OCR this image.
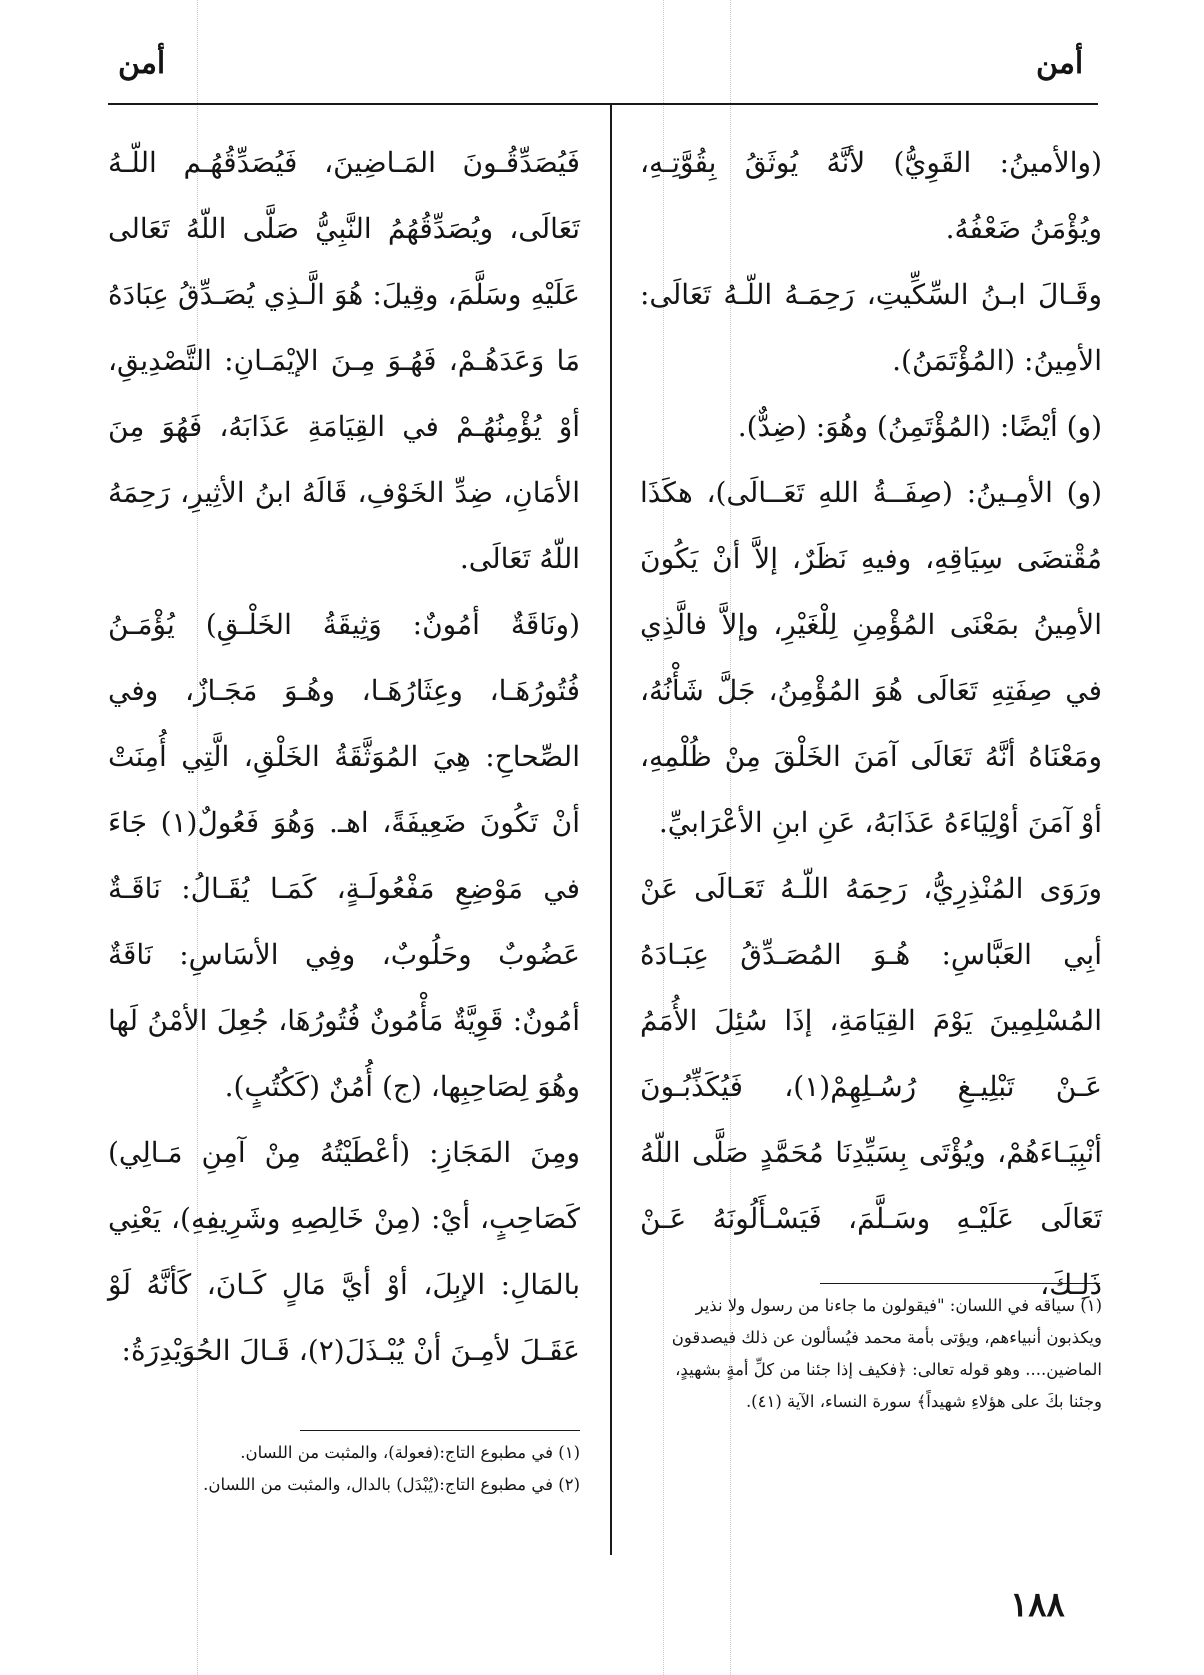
أمن	أمن

(والأمينُ: القَوِيُّ) لأنَّهُ يُوثَقُ بِقُوَّتِـهِ، ويُؤْمَنُ ضَعْفُهُ.

وقَـالَ ابـنُ السِّكِّيتِ، رَحِمَـهُ اللّـهُ تَعَالَى: الأمِينُ: (المُؤْتَمَنُ).

(و) أيْضًا: (المُؤْتَمِنُ) وهُوَ: (ضِدٌّ).

(و) الأمِـينُ: (صِفَــةُ اللهِ تَعَــالَى)، هكَذَا مُقْتضَى سِيَاقِهِ، وفيهِ نَظَرٌ، إلاَّ أنْ يَكُونَ الأمِينُ بمَعْنَى المُؤْمِنِ لِلْغَيْرِ، وإلاَّ فالَّذِي في صِفَتِهِ تَعَالَى هُوَ المُؤْمِنُ، جَلَّ شَأْنُهُ، ومَعْنَاهُ أنَّهُ تَعَالَى آمَنَ الخَلْقَ مِنْ ظُلْمِهِ، أوْ آمَنَ أوْلِيَاءَهُ عَذَابَهُ، عَنِ ابنِ الأعْرَابيِّ.

ورَوَى المُنْذِرِيُّ، رَحِمَهُ اللّـهُ تَعَـالَى عَنْ أبِي العَبَّاسِ: هُـوَ المُصَـدِّقُ عِبَـادَهُ المُسْلِمِينَ يَوْمَ القِيَامَةِ، إذَا سُئِلَ الأُمَمُ عَـنْ تَبْلِيـغِ رُسُـلِهِمْ(١)، فَيُكَذِّبُـونَ أنْبِيَـاءَهُمْ، ويُؤْتَى بِسَيِّدِنَا مُحَمَّدٍ صَلَّى اللّهُ تَعَالَى عَلَيْـهِ وسَـلَّمَ، فَيَسْـأَلُونَهُ عَـنْ ذَلِـكَ،

فَيُصَدِّقُـونَ المَـاضِينَ، فَيُصَدِّقُهُـم اللّـهُ تَعَالَى، ويُصَدِّقُهُمُ النَّبِيُّ صَلَّى اللّهُ تَعَالى عَلَيْهِ وسَلَّمَ، وقِيلَ: هُوَ الَّـذِي يُصَـدِّقُ عِبَادَهُ مَا وَعَدَهُـمْ، فَهُـوَ مِـنَ الإيْمَـانِ: التَّصْدِيقِ، أوْ يُؤْمِنُهُـمْ في القِيَامَةِ عَذَابَهُ، فَهُوَ مِنَ الأمَانِ، ضِدِّ الخَوْفِ، قَالَهُ ابنُ الأثِيرِ، رَحِمَهُ اللّهُ تَعَالَى.

(ونَاقَةٌ أمُونٌ: وَثِيقَةُ الخَلْـقِ) يُؤْمَـنُ فُتُورُهَـا، وعِثَارُهَـا، وهُـوَ مَجَـازٌ، وفي الصِّحاحِ: هِيَ المُوَثَّقَةُ الخَلْقِ، الَّتِي أُمِنَتْ أنْ تَكُونَ ضَعِيفَةً، اهـ. وَهُوَ فَعُولٌ(١) جَاءَ في مَوْضِعِ مَفْعُولَـةٍ، كَمَـا يُقَـالُ: نَاقَـةٌ عَضُوبٌ وحَلُوبٌ، وفِي الأسَاسِ: نَاقَةٌ أمُونٌ: قَوِيَّةٌ مَأْمُونٌ فُتُورُهَا، جُعِلَ الأمْنُ لَها وهُوَ لِصَاحِبِها، (ج) أُمُنٌ (كَكُتُبٍ).

ومِنَ المَجَازِ: (أعْطَيْتُهُ مِنْ آمِنِ مَـالِي) كَصَاحِبٍ، أيْ: (مِنْ خَالِصِهِ وشَرِيفِهِ)، يَعْنِي بالمَالِ: الإبِلَ، أوْ أيَّ مَالٍ كَـانَ، كَأنَّهُ لَوْ عَقَـلَ لأمِـنَ أنْ يُبْـذَلَ(٢)، قَـالَ الحُوَيْدِرَةُ:

(١) سياقه في اللسان: "فيقولون ما جاءنا من رسول ولا نذير ويكذبون أنبياءهم، ويؤتى بأمة محمد فيُسألون عن ذلك فيصدقون الماضين.... وهو قوله تعالى: ﴿فكيف إذا جئنا من كلِّ أمةٍ بشهيدٍ، وجئنا بكَ على هؤلاءِ شهيداً﴾ سورة النساء، الآية (٤١).

(١) في مطبوع التاج:(فعولة)، والمثبت من اللسان.

(٢) في مطبوع التاج:(يُبْدَل) بالدال، والمثبت من اللسان.

١٨٨
